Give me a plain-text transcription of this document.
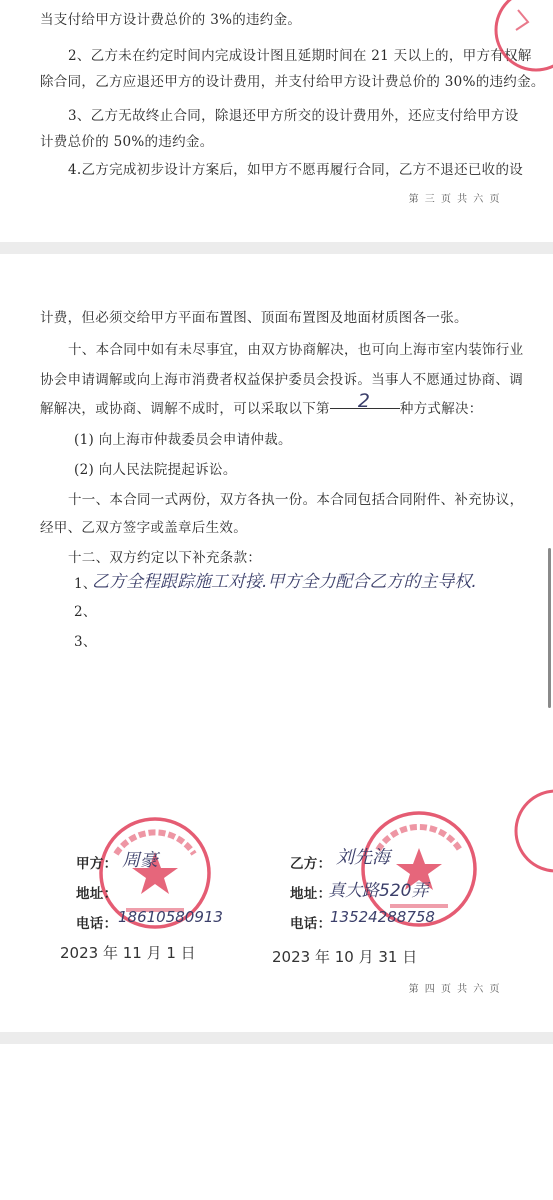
当支付给甲方设计费总价的 3%的违约金。
2、乙方未在约定时间内完成设计图且延期时间在 21 天以上的，甲方有权解
除合同，乙方应退还甲方的设计费用，并支付给甲方设计费总价的 30%的违约金。
3、乙方无故终止合同，除退还甲方所交的设计费用外，还应支付给甲方设
计费总价的 50%的违约金。
4.乙方完成初步设计方案后，如甲方不愿再履行合同，乙方不退还已收的设
第 三 页 共 六 页
计费，但必须交给甲方平面布置图、顶面布置图及地面材质图各一张。
十、本合同中如有未尽事宜，由双方协商解决，也可向上海市室内装饰行业
协会申请调解或向上海市消费者权益保护委员会投诉。当事人不愿通过协商、调
解解决，或协商、调解不成时，可以采取以下第 2 种方式解决：
(1) 向上海市仲裁委员会申请仲裁。
(2) 向人民法院提起诉讼。
十一、本合同一式两份，双方各执一份。本合同包括合同附件、补充协议，
经甲、乙双方签字或盖章后生效。
十二、双方约定以下补充条款：
1、
乙方全程跟踪施工对接.甲方全力配合乙方的主导权.
2、
3、
甲方： 周豪
地址：
电话： 18610580913
2023 年 11 月 1 日
乙方： 刘先海
地址：
真大路520弄
电话：
13524288758
2023 年 10 月 31 日
第 四 页 共 六 页
